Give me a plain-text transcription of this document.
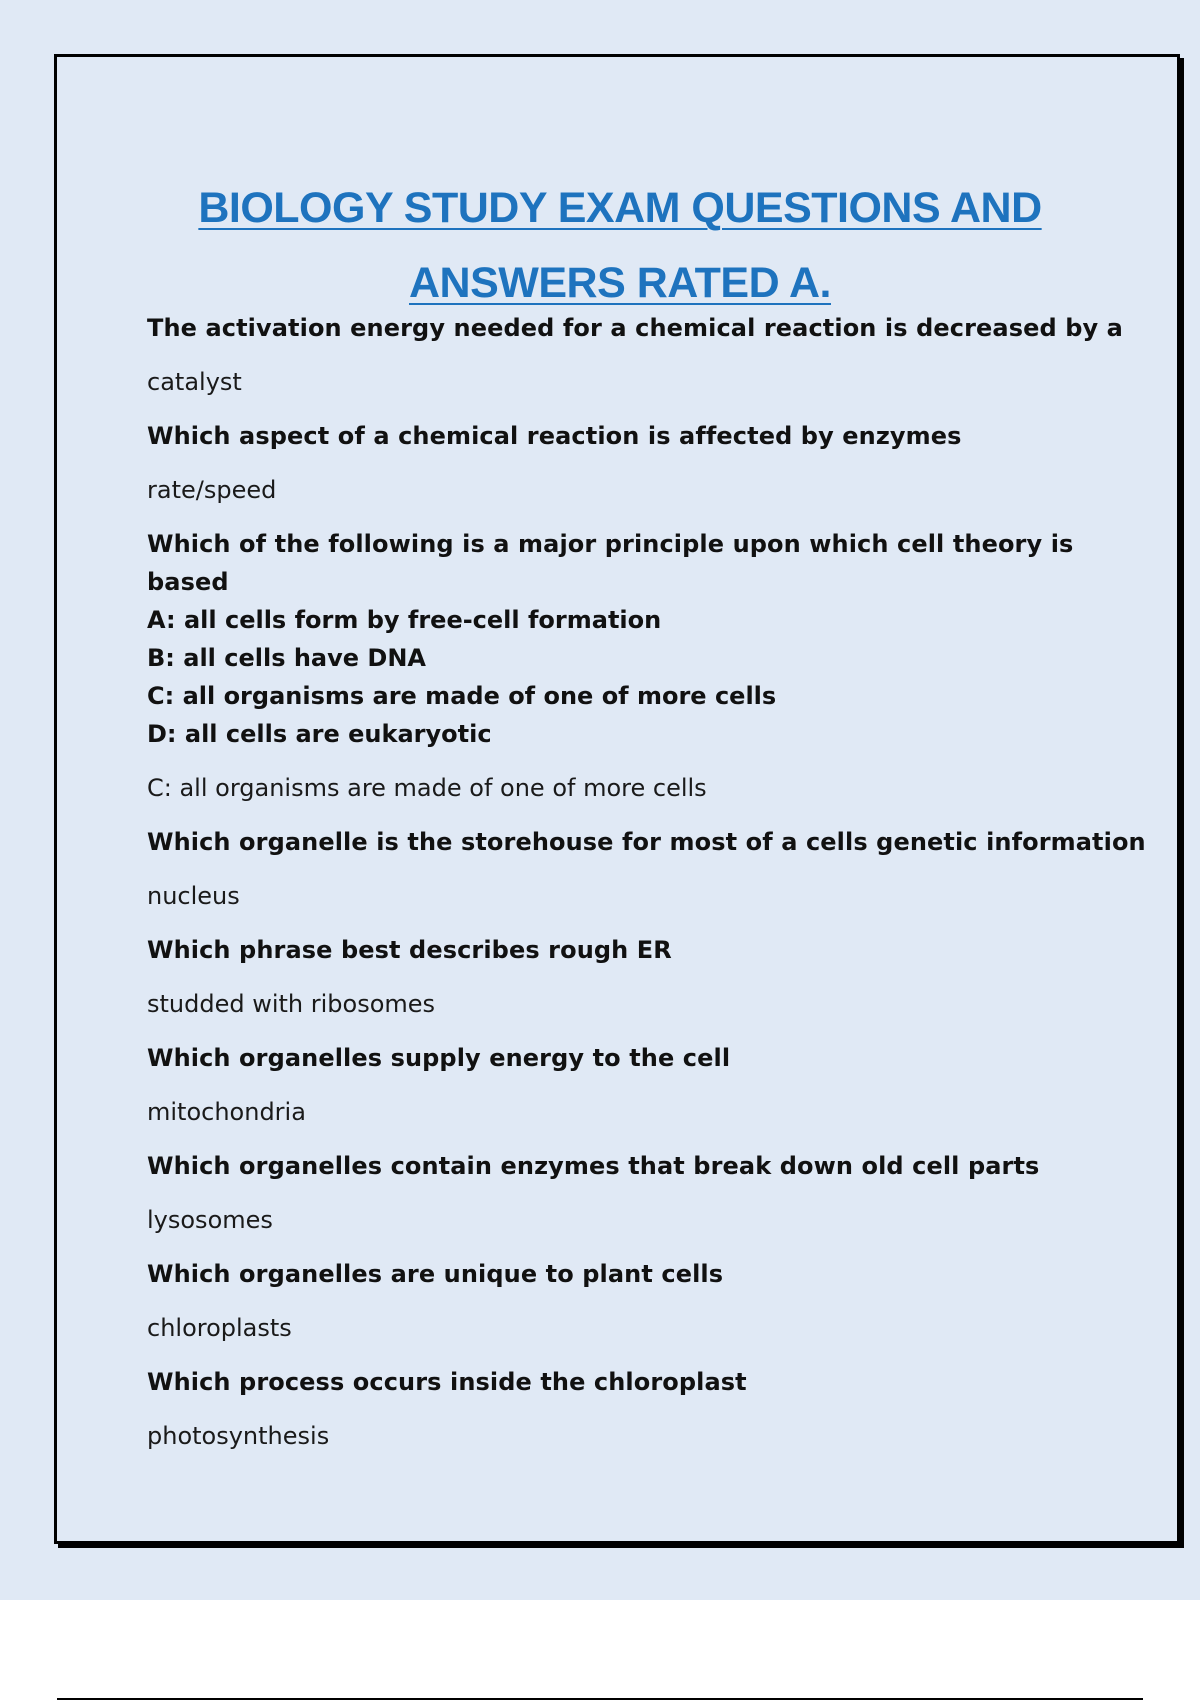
BIOLOGY STUDY EXAM QUESTIONS AND
ANSWERS RATED A.

The activation energy needed for a chemical reaction is decreased by a

catalyst

Which aspect of a chemical reaction is affected by enzymes

rate/speed

Which of the following is a major principle upon which cell theory is based

A: all cells form by free-cell formation

B: all cells have DNA

C: all organisms are made of one of more cells

D: all cells are eukaryotic

C: all organisms are made of one of more cells

Which organelle is the storehouse for most of a cells genetic information

nucleus

Which phrase best describes rough ER

studded with ribosomes

Which organelles supply energy to the cell

mitochondria

Which organelles contain enzymes that break down old cell parts

lysosomes

Which organelles are unique to plant cells

chloroplasts

Which process occurs inside the chloroplast

photosynthesis
